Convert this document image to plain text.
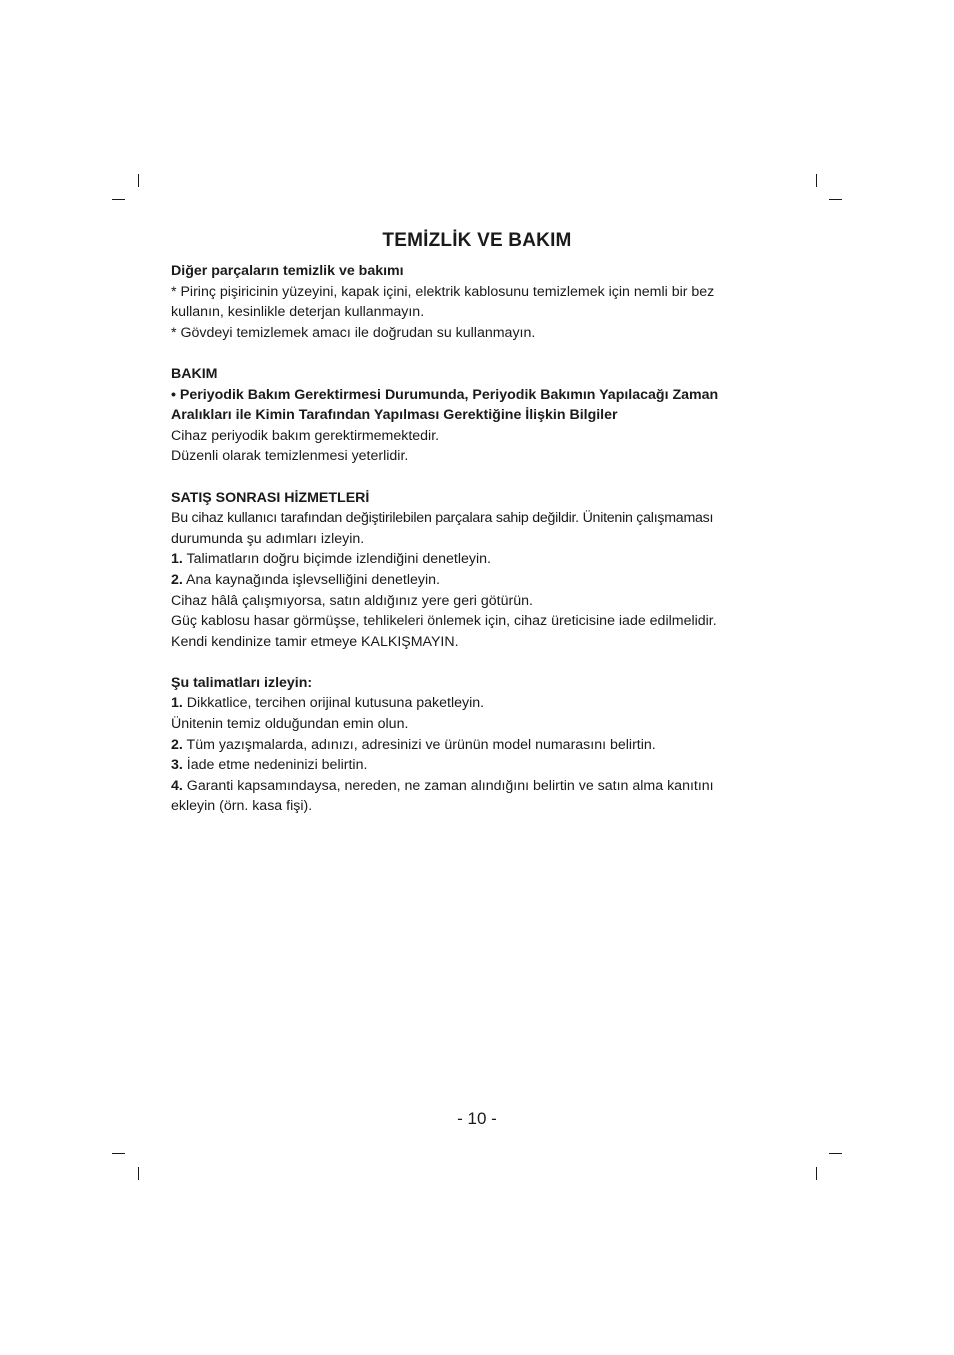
TEMİZLİK VE BAKIM

Diğer parçaların temizlik ve bakımı

* Pirinç pişiricinin yüzeyini, kapak içini, elektrik kablosunu temizlemek için nemli bir bez

kullanın, kesinlikle deterjan kullanmayın.

* Gövdeyi temizlemek amacı ile doğrudan su kullanmayın.

BAKIM

• Periyodik Bakım Gerektirmesi Durumunda, Periyodik Bakımın Yapılacağı Zaman

Aralıkları ile Kimin Tarafından Yapılması Gerektiğine İlişkin Bilgiler

Cihaz periyodik bakım gerektirmemektedir.

Düzenli olarak temizlenmesi yeterlidir.

SATIŞ SONRASI HİZMETLERİ

Bu cihaz kullanıcı tarafından değiştirilebilen parçalara sahip değildir. Ünitenin çalışmaması

durumunda şu adımları izleyin.

1. Talimatların doğru biçimde izlendiğini denetleyin.

2. Ana kaynağında işlevselliğini denetleyin.

Cihaz hâlâ çalışmıyorsa, satın aldığınız yere geri götürün.

Güç kablosu hasar görmüşse, tehlikeleri önlemek için, cihaz üreticisine iade edilmelidir.

Kendi kendinize tamir etmeye KALKIŞMAYIN.

Şu talimatları izleyin:

1. Dikkatlice, tercihen orijinal kutusuna paketleyin.

Ünitenin temiz olduğundan emin olun.

2. Tüm yazışmalarda, adınızı, adresinizi ve ürünün model numarasını belirtin.

3. İade etme nedeninizi belirtin.

4. Garanti kapsamındaysa, nereden, ne zaman alındığını belirtin ve satın alma kanıtını

ekleyin (örn. kasa fişi).

- 10 -
